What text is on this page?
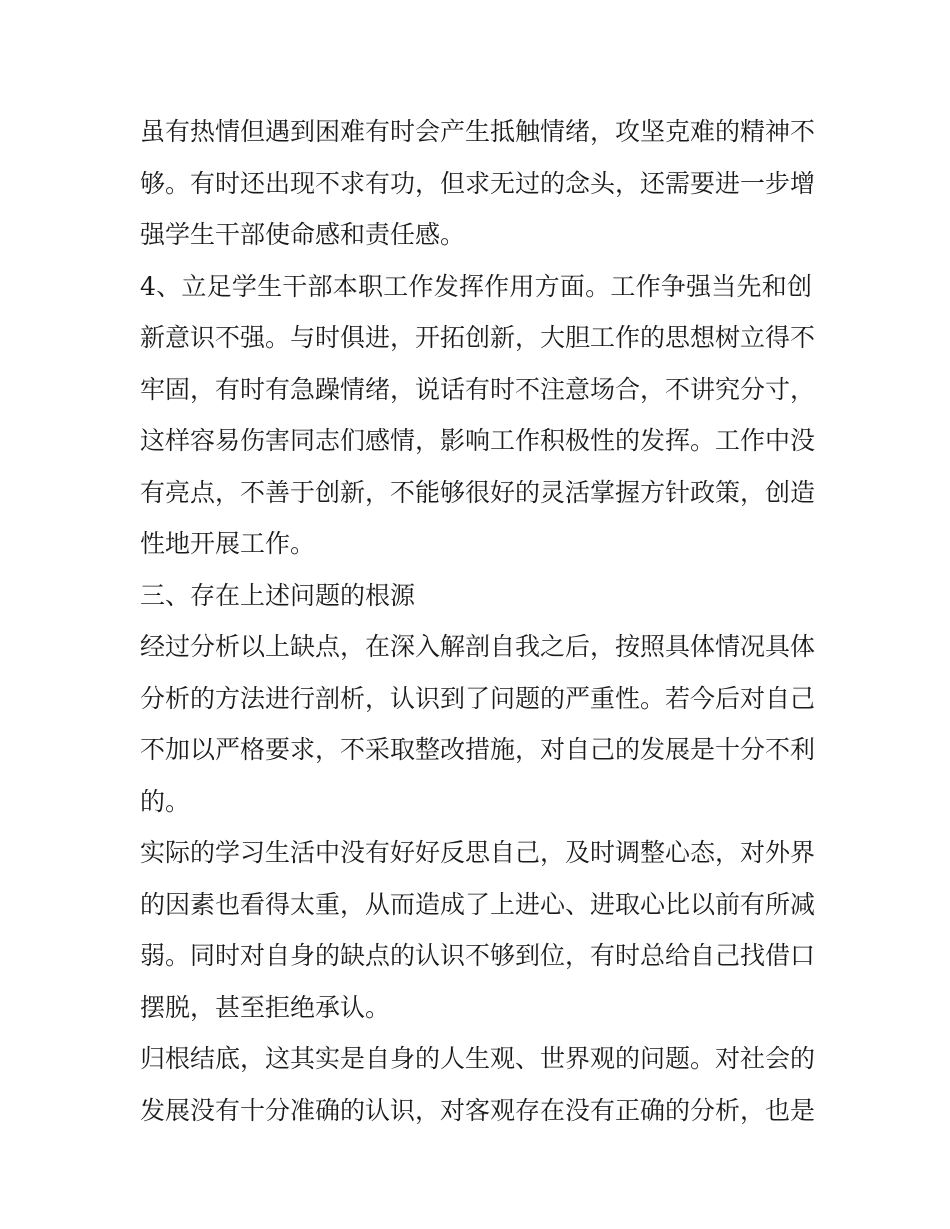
虽有热情但遇到困难有时会产生抵触情绪，攻坚克难的精神不
够。有时还出现不求有功，但求无过的念头，还需要进一步增
强学生干部使命感和责任感。
4、立足学生干部本职工作发挥作用方面。工作争强当先和创
新意识不强。与时俱进，开拓创新，大胆工作的思想树立得不
牢固，有时有急躁情绪，说话有时不注意场合，不讲究分寸，
这样容易伤害同志们感情，影响工作积极性的发挥。工作中没
有亮点，不善于创新，不能够很好的灵活掌握方针政策，创造
性地开展工作。
三、存在上述问题的根源
经过分析以上缺点，在深入解剖自我之后，按照具体情况具体
分析的方法进行剖析，认识到了问题的严重性。若今后对自己
不加以严格要求，不采取整改措施，对自己的发展是十分不利
的。
实际的学习生活中没有好好反思自己，及时调整心态，对外界
的因素也看得太重，从而造成了上进心、进取心比以前有所减
弱。同时对自身的缺点的认识不够到位，有时总给自己找借口
摆脱，甚至拒绝承认。
归根结底，这其实是自身的人生观、世界观的问题。对社会的
发展没有十分准确的认识，对客观存在没有正确的分析，也是
